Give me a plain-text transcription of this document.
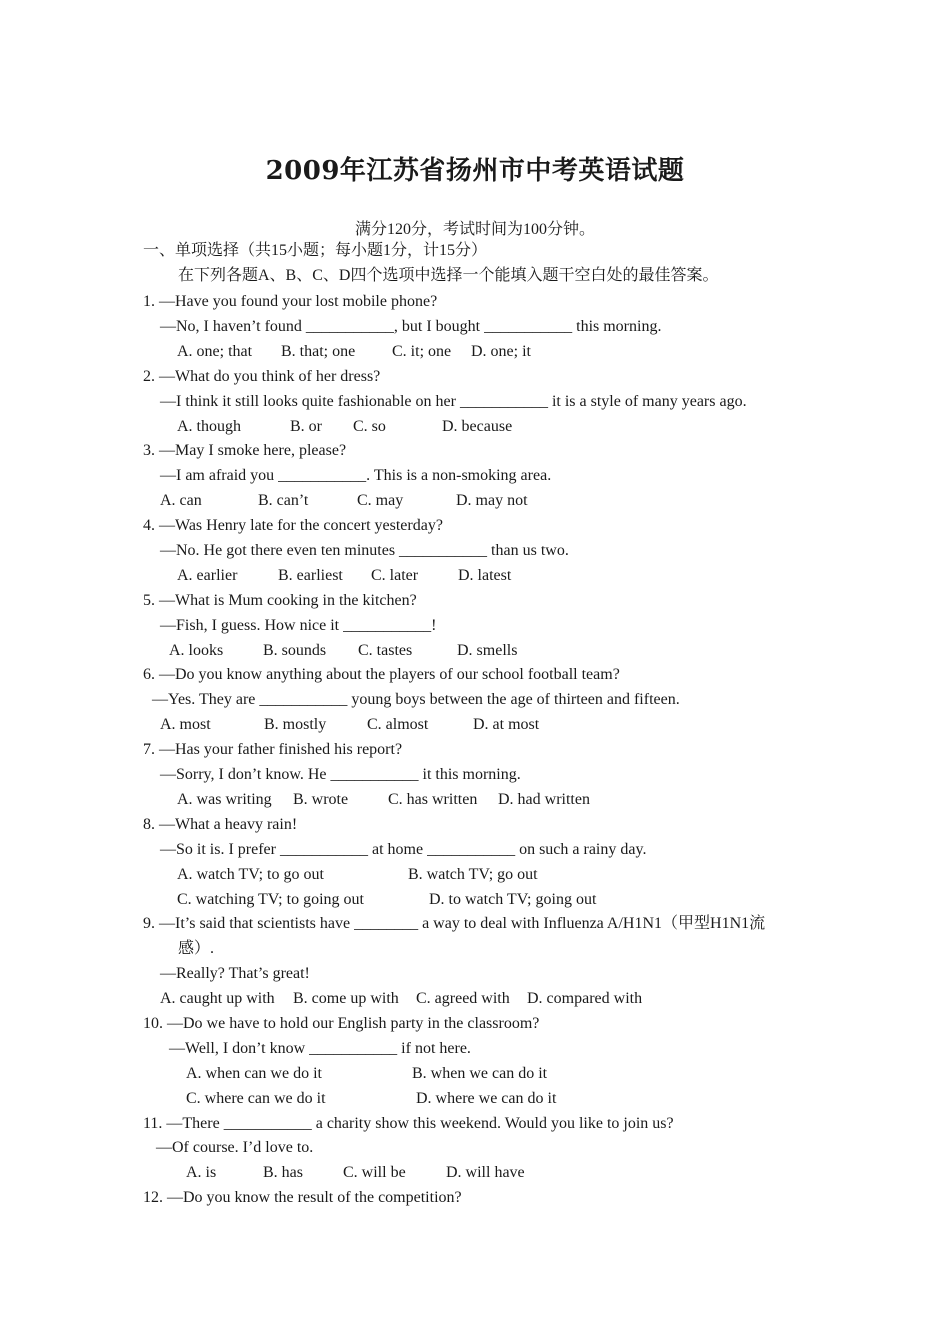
2009年江苏省扬州市中考英语试题
满分120分，考试时间为100分钟。
一、单项选择（共15小题；每小题1分，计15分）
在下列各题A、B、C、D四个选项中选择一个能填入题干空白处的最佳答案。
1. —Have you found your lost mobile phone?
—No, I haven’t found ___________, but I bought ___________ this morning.
A. one; that B. that; one C. it; one D. one; it
2. —What do you think of her dress?
—I think it still looks quite fashionable on her ___________ it is a style of many years ago.
A. though	B. or C. so	D. because
3. —May I smoke here, please?
—I am afraid you ___________. This is a non-smoking area.
A. can	B. can’t	C. may	D. may not
4. —Was Henry late for the concert yesterday?
—No. He got there even ten minutes ___________ than us two.
A. earlier	B. earliest C. later D. latest
5. —What is Mum cooking in the kitchen?
—Fish, I guess. How nice it ___________!
A. looks B. sounds C. tastes	D. smells
6. —Do you know anything about the players of our school football team?
—Yes. They are ___________ young boys between the age of thirteen and fifteen.
A. most	B. mostly	C. almost	D. at most
7. —Has your father finished his report?
—Sorry, I don’t know. He ___________ it this morning.
A. was writing B. wrote C. has written D. had written
8. —What a heavy rain!
—So it is. I prefer ___________ at home ___________ on such a rainy day.
A. watch TV; to go out	B. watch TV; go out
C. watching TV; to going out	D. to watch TV; going out
9. —It’s said that scientists have ________ a way to deal with Influenza A/H1N1（甲型H1N1流
感）.
—Really? That’s great!
A. caught up with B. come up with C. agreed with D. compared with
10. —Do we have to hold our English party in the classroom?
—Well, I don’t know ___________ if not here.
A. when can we do it	B. when we can do it
C. where can we do it	D. where we can do it
11. —There ___________ a charity show this weekend. Would you like to join us?
—Of course. I’d love to.
A. is	B. has	C. will be	D. will have
12. —Do you know the result of the competition?
